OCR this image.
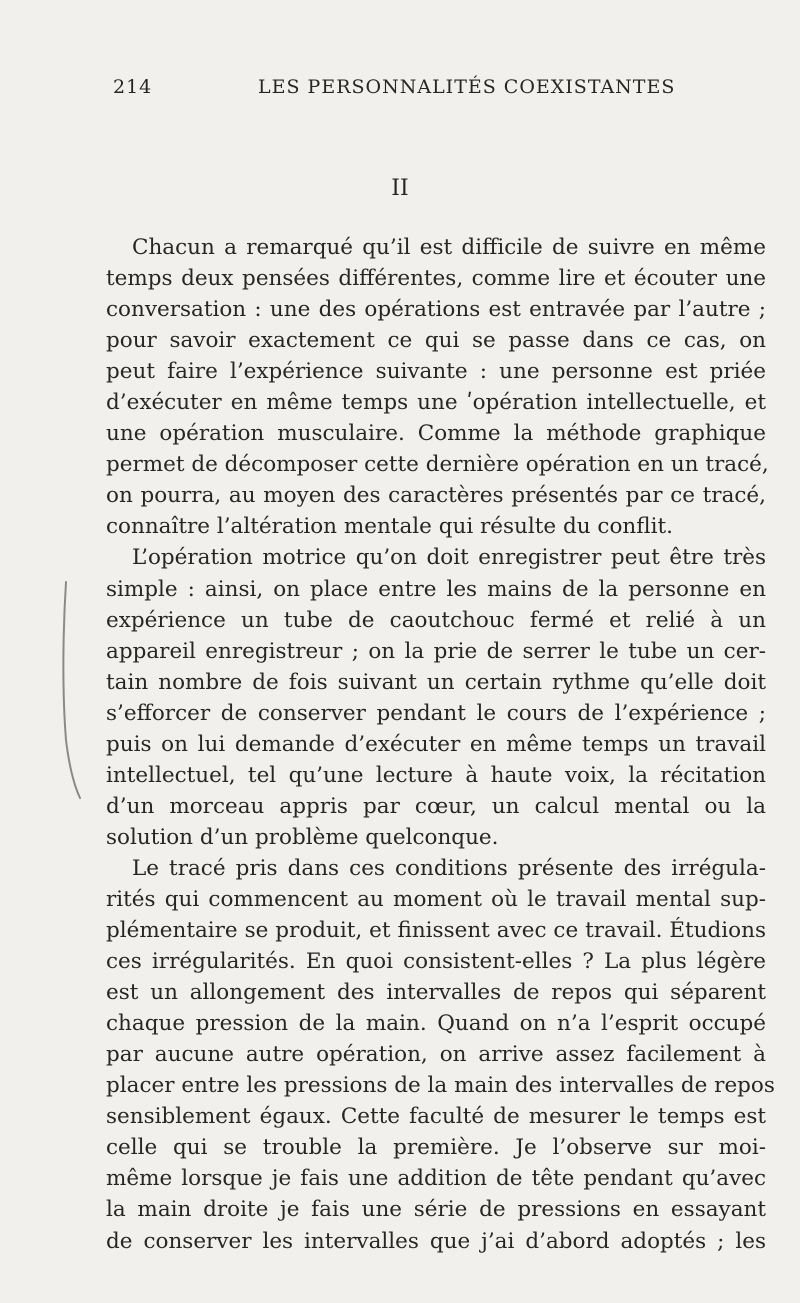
214	LES PERSONNALITÉS COEXISTANTES
II
Chacun a remarqué qu’il est difficile de suivre en même
temps deux pensées différentes, comme lire et écouter une
conversation : une des opérations est entravée par l’autre ;
pour savoir exactement ce qui se passe dans ce cas, on
peut faire l’expérience suivante : une personne est priée
d’exécuter en même temps une ʹopération intellectuelle, et
une opération musculaire. Comme la méthode graphique
permet de décomposer cette dernière opération en un tracé,
on pourra, au moyen des caractères présentés par ce tracé,
connaître l’altération mentale qui résulte du conflit.
L’opération motrice qu’on doit enregistrer peut être très
simple : ainsi, on place entre les mains de la personne en
expérience un tube de caoutchouc fermé et relié à un
appareil enregistreur ; on la prie de serrer le tube un cer-
tain nombre de fois suivant un certain rythme qu’elle doit
s’efforcer de conserver pendant le cours de l’expérience ;
puis on lui demande d’exécuter en même temps un travail
intellectuel, tel qu’une lecture à haute voix, la récitation
d’un morceau appris par cœur, un calcul mental ou la
solution d’un problème quelconque.
Le tracé pris dans ces conditions présente des irrégula-
rités qui commencent au moment où le travail mental sup-
plémentaire se produit, et finissent avec ce travail. Étudions
ces irrégularités. En quoi consistent-elles ? La plus légère
est un allongement des intervalles de repos qui séparent
chaque pression de la main. Quand on n’a l’esprit occupé
par aucune autre opération, on arrive assez facilement à
placer entre les pressions de la main des intervalles de repos
sensiblement égaux. Cette faculté de mesurer le temps est
celle qui se trouble la première. Je l’observe sur moi-
même lorsque je fais une addition de tête pendant qu’avec
la main droite je fais une série de pressions en essayant
de conserver les intervalles que j’ai d’abord adoptés ; les
